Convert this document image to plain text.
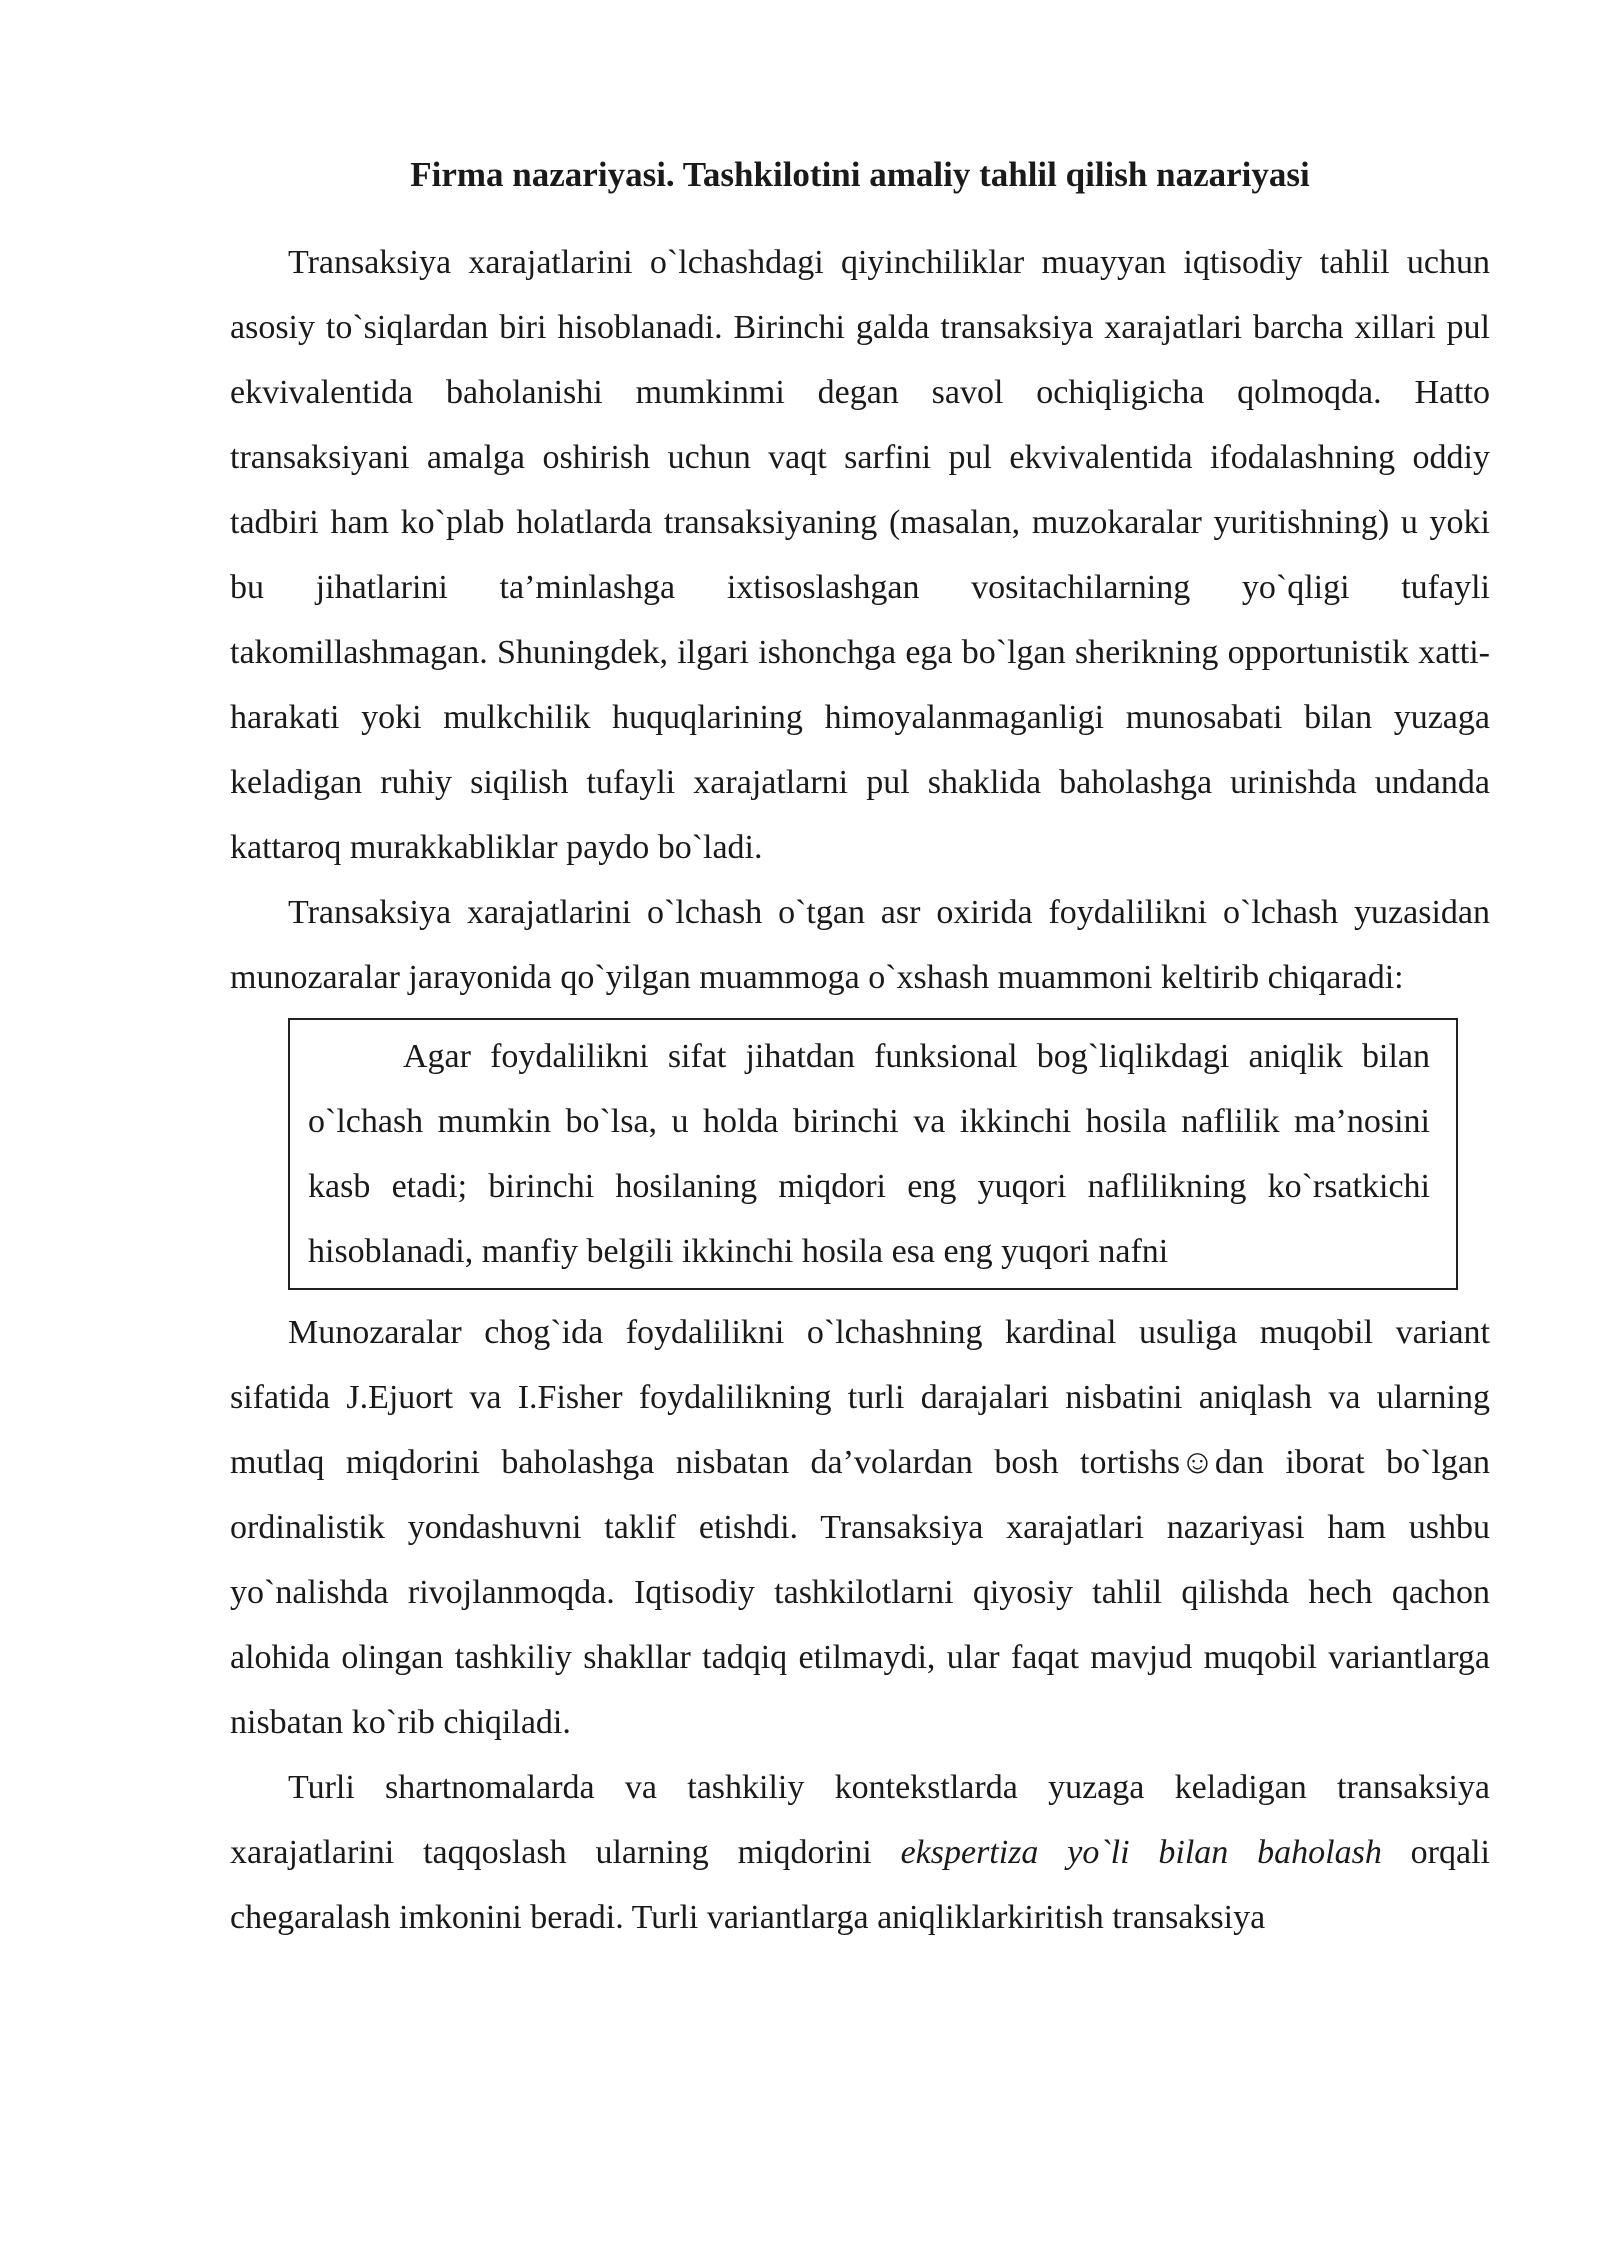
Firma nazariyasi. Tashkilotini amaliy tahlil qilish nazariyasi

Transaksiya xarajatlarini o`lchashdagi qiyinchiliklar muayyan iqtisodiy tahlil uchun asosiy to`siqlardan biri hisoblanadi. Birinchi galda transaksiya xarajatlari barcha xillari pul ekvivalentida baholanishi mumkinmi degan savol ochiqligicha qolmoqda. Hatto transaksiyani amalga oshirish uchun vaqt sarfini pul ekvivalentida ifodalashning oddiy tadbiri ham ko`plab holatlarda transaksiyaning (masalan, muzokaralar yuritishning) u yoki bu jihatlarini ta’minlashga ixtisoslashgan vositachilarning yo`qligi tufayli takomillashmagan. Shuningdek, ilgari ishonchga ega bo`lgan sherikning opportunistik xatti-harakati yoki mulkchilik huquqlarining himoyalanmaganligi munosabati bilan yuzaga keladigan ruhiy siqilish tufayli xarajatlarni pul shaklida baholashga urinishda undanda kattaroq murakkabliklar paydo bo`ladi.

Transaksiya xarajatlarini o`lchash o`tgan asr oxirida foydalilikni o`lchash yuzasidan munozaralar jarayonida qo`yilgan muammoga o`xshash muammoni keltirib chiqaradi:

Agar foydalilikni sifat jihatdan funksional bog`liqlikdagi aniqlik bilan o`lchash mumkin bo`lsa, u holda birinchi va ikkinchi hosila naflilik ma’nosini kasb etadi; birinchi hosilaning miqdori eng yuqori naflilikning ko`rsatkichi hisoblanadi, manfiy belgili ikkinchi hosila esa eng yuqori nafni

Munozaralar chog`ida foydalilikni o`lchashning kardinal usuliga muqobil variant sifatida J.Ejuort va I.Fisher foydalilikning turli darajalari nisbatini aniqlash va ularning mutlaq miqdorini baholashga nisbatan da’volardan bosh tortishs☺dan iborat bo`lgan ordinalistik yondashuvni taklif etishdi. Transaksiya xarajatlari nazariyasi ham ushbu yo`nalishda rivojlanmoqda. Iqtisodiy tashkilotlarni qiyosiy tahlil qilishda hech qachon alohida olingan tashkiliy shakllar tadqiq etilmaydi, ular faqat mavjud muqobil variantlarga nisbatan ko`rib chiqiladi.

Turli shartnomalarda va tashkiliy kontekstlarda yuzaga keladigan transaksiya xarajatlarini taqqoslash ularning miqdorini ekspertiza yo`li bilan baholash orqali chegaralash imkonini beradi. Turli variantlarga aniqliklarkiritish transaksiya
